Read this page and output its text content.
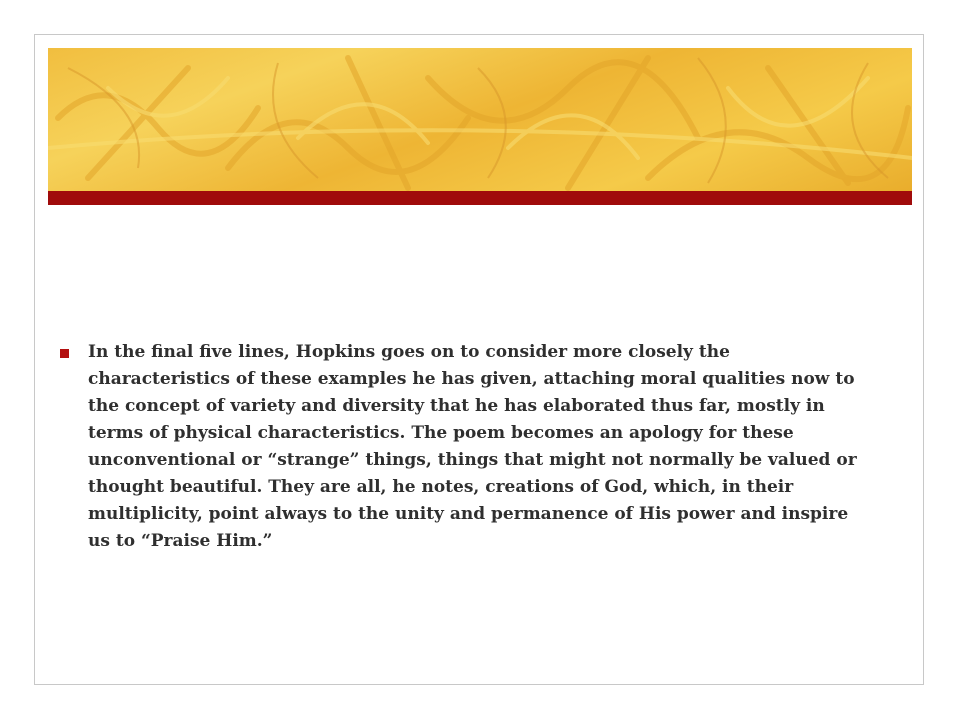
In the final five lines, Hopkins goes on to consider more closely the characteristics of these examples he has given, attaching moral qualities now to the concept of variety and diversity that he has elaborated thus far, mostly in terms of physical characteristics. The poem becomes an apology for these unconventional or “strange” things, things that might not normally be valued or thought beautiful. They are all, he notes, creations of God, which, in their multiplicity, point always to the unity and permanence of His power and inspire us to “Praise Him.”
